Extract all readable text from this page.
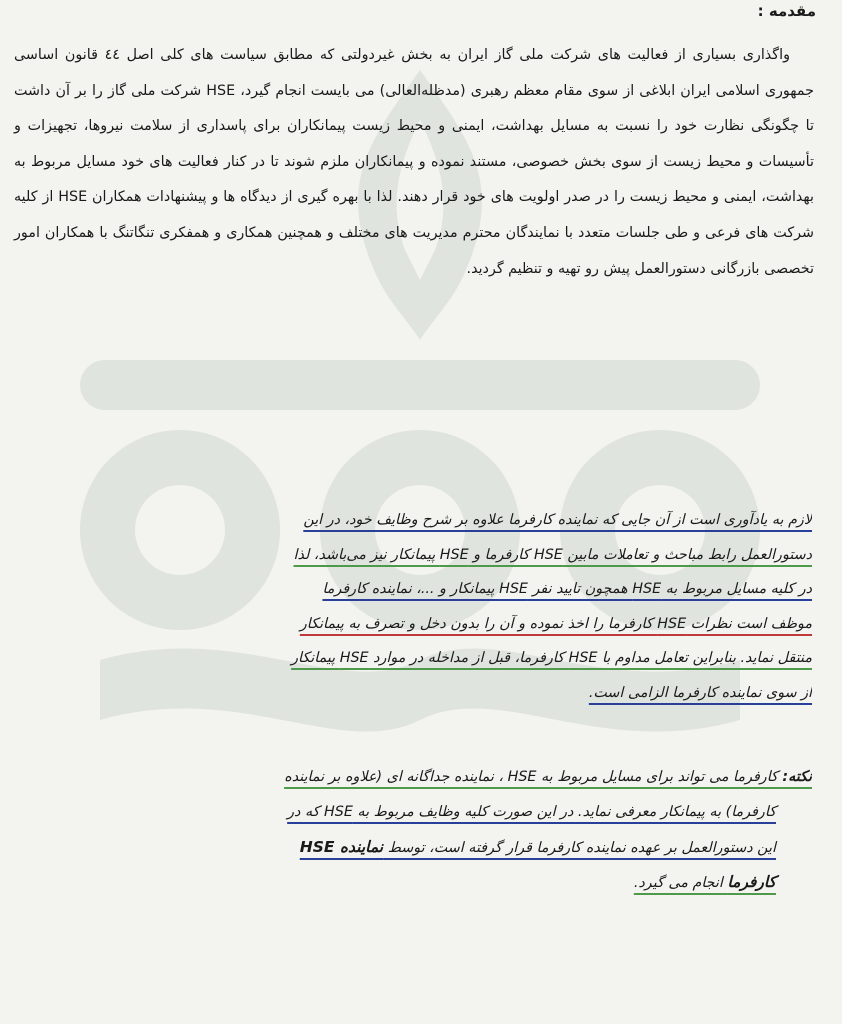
مقدمه :

واگذاری بسیاری از فعالیت های شرکت ملی گاز ایران به بخش غیردولتی که مطابق سیاست های کلی اصل ٤٤ قانون اساسی جمهوری اسلامی ایران ابلاغی از سوی مقام معظم رهبری (مدظله‌العالی) می بایست انجام گیرد، HSE شرکت ملی گاز را بر آن داشت تا چگونگی نظارت خود را نسبت به مسایل بهداشت، ایمنی و محیط زیست پیمانکاران برای پاسداری از سلامت نیروها، تجهیزات و تأسیسات و محیط زیست از سوی بخش خصوصی، مستند نموده و پیمانکاران ملزم شوند تا در کنار فعالیت های خود مسایل مربوط به بهداشت، ایمنی و محیط زیست را در صدر اولویت های خود قرار دهند. لذا با بهره گیری از دیدگاه ها و پیشنهادات همکاران HSE از کلیه شرکت های فرعی و طی جلسات متعدد با نمایندگان محترم مدیریت های مختلف و همچنین همکاری و همفکری تنگاتنگ با همکاران امور تخصصی بازرگانی دستورالعمل پیش رو تهیه و تنظیم گردید.

لازم به یادآوری است از آن جایی که نماینده کارفرما علاوه بر شرح وظایف خود، در این
دستورالعمل رابط مباحث و تعاملات مابین HSE کارفرما و HSE پیمانکار نیز می‌باشد، لذا
در کلیه مسایل مربوط به HSE همچون تایید نفر HSE پیمانکار و ...، نماینده کارفرما
موظف است نظرات HSE کارفرما را اخذ نموده و آن را بدون دخل و تصرف به پیمانکار
منتقل نماید. بنابراین تعامل مداوم با HSE کارفرما، قبل از مداخله در موارد HSE پیمانکار
از سوی نماینده کارفرما الزامی است.
نکته: کارفرما می تواند برای مسایل مربوط به HSE ، نماینده جداگانه ای (علاوه بر نماینده
کارفرما) به پیمانکار معرفی نماید. در این صورت کلیه وظایف مربوط به HSE که در
این دستورالعمل بر عهده نماینده کارفرما قرار گرفته است، توسط نماینده HSE
کارفرما انجام می گیرد.
